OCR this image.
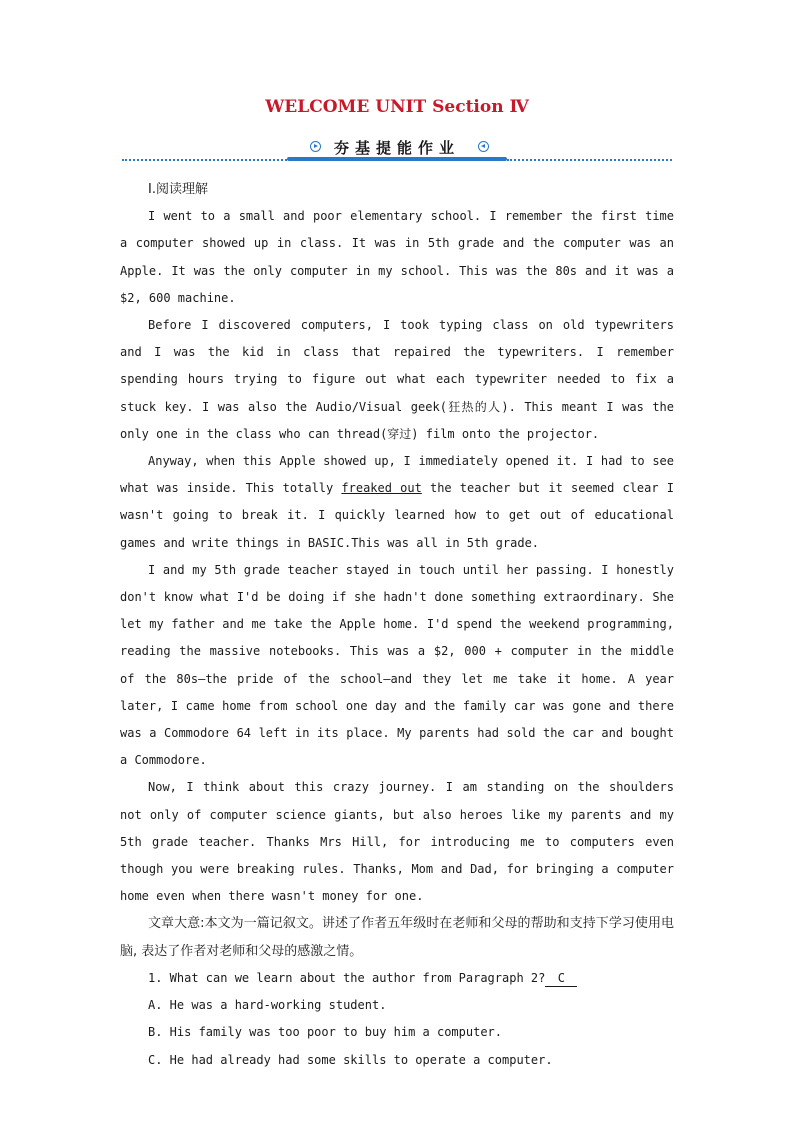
WELCOME UNIT Section Ⅳ
夯基提能作业

Ⅰ.阅读理解

I went to a small and poor elementary school. I remember the first time a computer showed up in class. It was in 5th grade and the computer was an Apple. It was the only computer in my school. This was the 80s and it was a $2, 600 machine.

Before I discovered computers, I took typing class on old typewriters and I was the kid in class that repaired the typewriters. I remember spending hours trying to figure out what each typewriter needed to fix a stuck key. I was also the Audio/Visual geek(狂热的人). This meant I was the only one in the class who can thread(穿过) film onto the projector.

Anyway, when this Apple showed up, I immediately opened it. I had to see what was inside. This totally freaked out the teacher but it seemed clear I wasn't going to break it. I quickly learned how to get out of educational games and write things in BASIC.This was all in 5th grade.

I and my 5th grade teacher stayed in touch until her passing. I honestly don't know what I'd be doing if she hadn't done something extraordinary. She let my father and me take the Apple home. I'd spend the weekend programming, reading the massive notebooks. This was a $2, 000 + computer in the middle of the 80s—the pride of the school—and they let me take it home. A year later, I came home from school one day and the family car was gone and there was a Commodore 64 left in its place. My parents had sold the car and bought a Commodore.

Now, I think about this crazy journey. I am standing on the shoulders not only of computer science giants, but also heroes like my parents and my 5th grade teacher. Thanks Mrs Hill, for introducing me to computers even though you were breaking rules. Thanks, Mom and Dad, for bringing a computer home even when there wasn't money for one.

文章大意:本文为一篇记叙文。讲述了作者五年级时在老师和父母的帮助和支持下学习使用电脑, 表达了作者对老师和父母的感激之情。

1. What can we learn about the author from Paragraph 2? C

A. He was a hard-working student.

B. His family was too poor to buy him a computer.

C. He had already had some skills to operate a computer.
